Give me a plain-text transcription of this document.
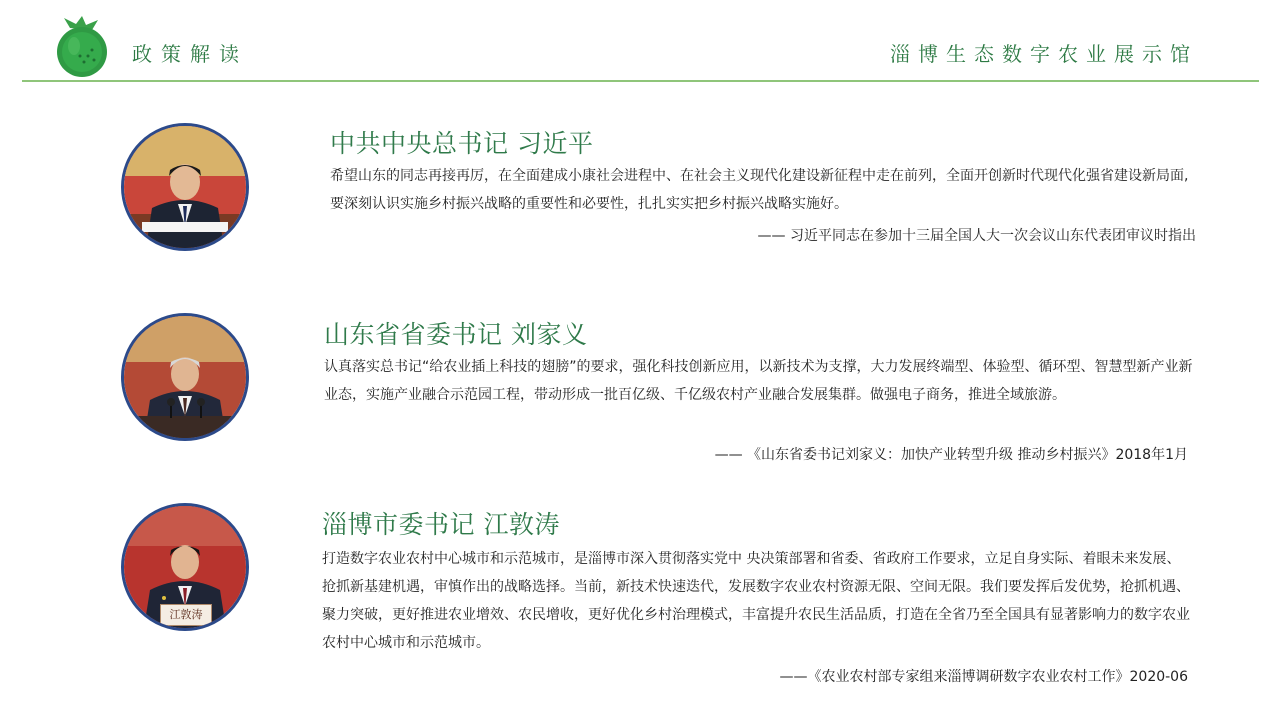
政策解读	淄博生态数字农业展示馆
中共中央总书记 习近平

希望山东的同志再接再厉，在全面建成小康社会进程中、在社会主义现代化建设新征程中走在前列，全面开创新时代现代化强省建设新局面,要深刻认识实施乡村振兴战略的重要性和必要性，扎扎实实把乡村振兴战略实施好。

—— 习近平同志在参加十三届全国人大一次会议山东代表团审议时指出
山东省省委书记 刘家义

认真落实总书记“给农业插上科技的翅膀”的要求，强化科技创新应用，以新技术为支撑，大力发展终端型、体验型、循环型、智慧型新产业新业态，实施产业融合示范园工程，带动形成一批百亿级、千亿级农村产业融合发展集群。做强电子商务，推进全域旅游。

—— 《山东省委书记刘家义：加快产业转型升级 推动乡村振兴》2018年1月
江敦涛
淄博市委书记 江敦涛

打造数字农业农村中心城市和示范城市，是淄博市深入贯彻落实党中 央决策部署和省委、省政府工作要求，立足自身实际、着眼未来发展、 抢抓新基建机遇，审慎作出的战略选择。当前，新技术快速迭代，发展数字农业农村资源无限、空间无限。我们要发挥后发优势，抢抓机遇、聚力突破，更好推进农业增效、农民增收，更好优化乡村治理模式，丰富提升农民生活品质，打造在全省乃至全国具有显著影响力的数字农业农村中心城市和示范城市。

——《农业农村部专家组来淄博调研数字农业农村工作》2020-06
